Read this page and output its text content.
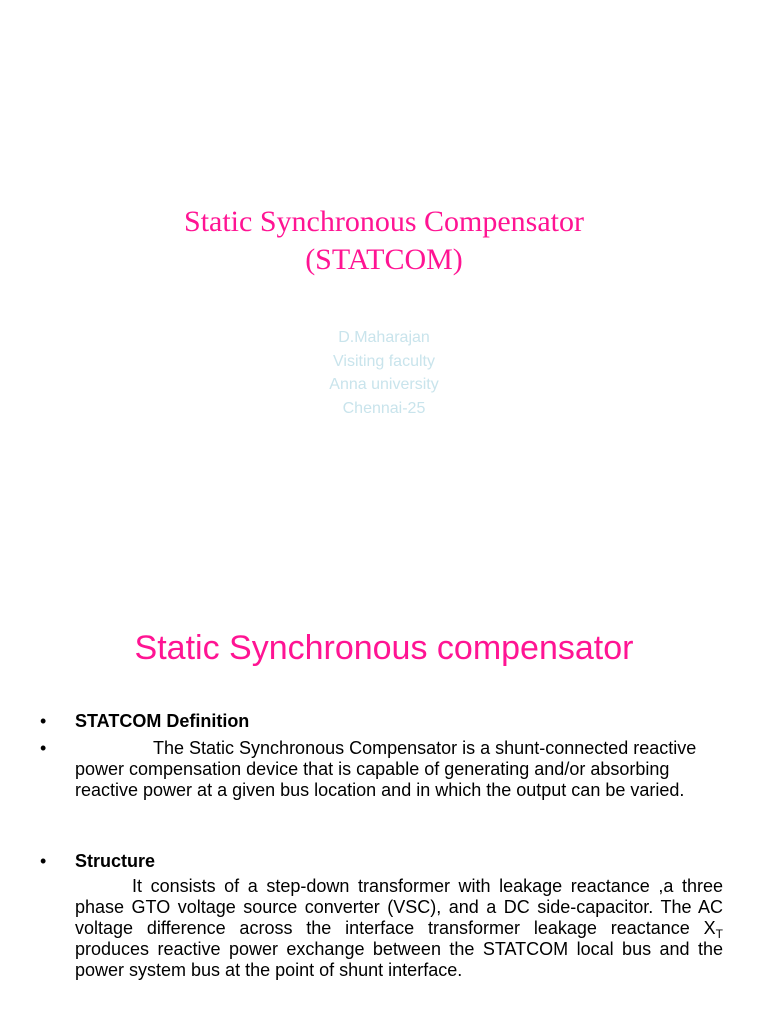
Static Synchronous Compensator
(STATCOM)
D.Maharajan
Visiting faculty
Anna university
Chennai-25
Static Synchronous compensator
•	STATCOM Definition
•	The Static Synchronous Compensator is a shunt-connected reactive power compensation device that is capable of generating and/or absorbing reactive power at a given bus location and in which the output can be varied.
•	Structure
It consists of a step-down transformer with leakage reactance ,a three phase GTO voltage source converter (VSC), and a DC side-capacitor. The AC voltage difference across the interface transformer leakage reactance $X_T$ produces reactive power exchange between the STATCOM local bus and the power system bus at the point of shunt interface.
